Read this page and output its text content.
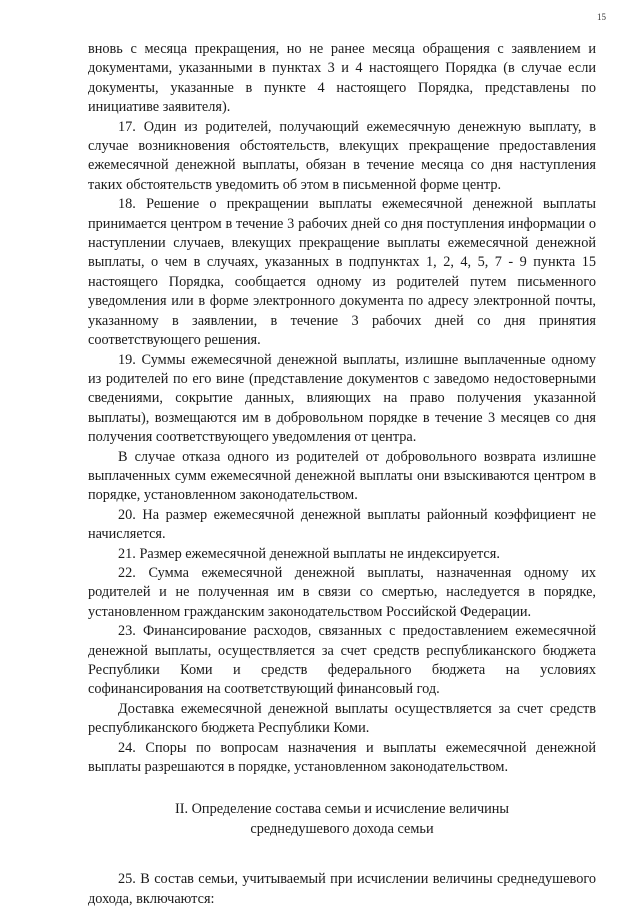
15

вновь с месяца прекращения, но не ранее месяца обращения с заявлением и документами, указанными в пунктах 3 и 4 настоящего Порядка (в случае если документы, указанные в пункте 4 настоящего Порядка, представлены по инициативе заявителя).

17. Один из родителей, получающий ежемесячную денежную выплату, в случае возникновения обстоятельств, влекущих прекращение предоставления ежемесячной денежной выплаты, обязан в течение месяца со дня наступления таких обстоятельств уведомить об этом в письменной форме центр.

18. Решение о прекращении выплаты ежемесячной денежной выплаты принимается центром в течение 3 рабочих дней со дня поступления информации о наступлении случаев, влекущих прекращение выплаты ежемесячной денежной выплаты, о чем в случаях, указанных в подпунктах 1, 2, 4, 5, 7 - 9 пункта 15 настоящего Порядка, сообщается одному из родителей путем письменного уведомления или в форме электронного документа по адресу электронной почты, указанному в заявлении, в течение 3 рабочих дней со дня принятия соответствующего решения.

19. Суммы ежемесячной денежной выплаты, излишне выплаченные одному из родителей по его вине (представление документов с заведомо недостоверными сведениями, сокрытие данных, влияющих на право получения указанной выплаты), возмещаются им в добровольном порядке в течение 3 месяцев со дня получения соответствующего уведомления от центра.

В случае отказа одного из родителей от добровольного возврата излишне выплаченных сумм ежемесячной денежной выплаты они взыскиваются центром в порядке, установленном законодательством.

20. На размер ежемесячной денежной выплаты районный коэффициент не начисляется.

21. Размер ежемесячной денежной выплаты не индексируется.

22. Сумма ежемесячной денежной выплаты, назначенная одному их родителей и не полученная им в связи со смертью, наследуется в порядке, установленном гражданским законодательством Российской Федерации.

23. Финансирование расходов, связанных с предоставлением ежемесячной денежной выплаты, осуществляется за счет средств республиканского бюджета Республики Коми и средств федерального бюджета на условиях софинансирования на соответствующий финансовый год.

Доставка ежемесячной денежной выплаты осуществляется за счет средств республиканского бюджета Республики Коми.

24. Споры по вопросам назначения и выплаты ежемесячной денежной выплаты разрешаются в порядке, установленном законодательством.

II. Определение состава семьи и исчисление величины
среднедушевого дохода семьи

25. В состав семьи, учитываемый при исчислении величины среднедушевого дохода, включаются:
